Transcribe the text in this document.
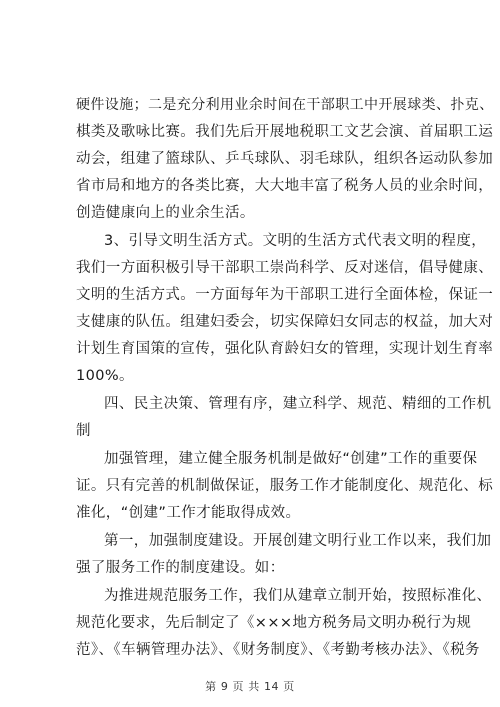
硬件设施；二是充分利用业余时间在干部职工中开展球类、扑克、
棋类及歌咏比赛。我们先后开展地税职工文艺会演、首届职工运
动会，组建了篮球队、乒乓球队、羽毛球队，组织各运动队参加
省市局和地方的各类比赛，大大地丰富了税务人员的业余时间，
创造健康向上的业余生活。
3、引导文明生活方式。文明的生活方式代表文明的程度，
我们一方面积极引导干部职工崇尚科学、反对迷信，倡导健康、
文明的生活方式。一方面每年为干部职工进行全面体检，保证一
支健康的队伍。组建妇委会，切实保障妇女同志的权益，加大对
计划生育国策的宣传，强化队育龄妇女的管理，实现计划生育率
100%。
四、民主决策、管理有序，建立科学、规范、精细的工作机
制
加强管理，建立健全服务机制是做好“创建”工作的重要保
证。只有完善的机制做保证，服务工作才能制度化、规范化、标
准化，“创建”工作才能取得成效。
第一，加强制度建设。开展创建文明行业工作以来，我们加
强了服务工作的制度建设。如：
为推进规范服务工作，我们从建章立制开始，按照标准化、
规范化要求，先后制定了《×××地方税务局文明办税行为规
范》、《车辆管理办法》、《财务制度》、《考勤考核办法》、《税务
第 9 页 共 14 页
